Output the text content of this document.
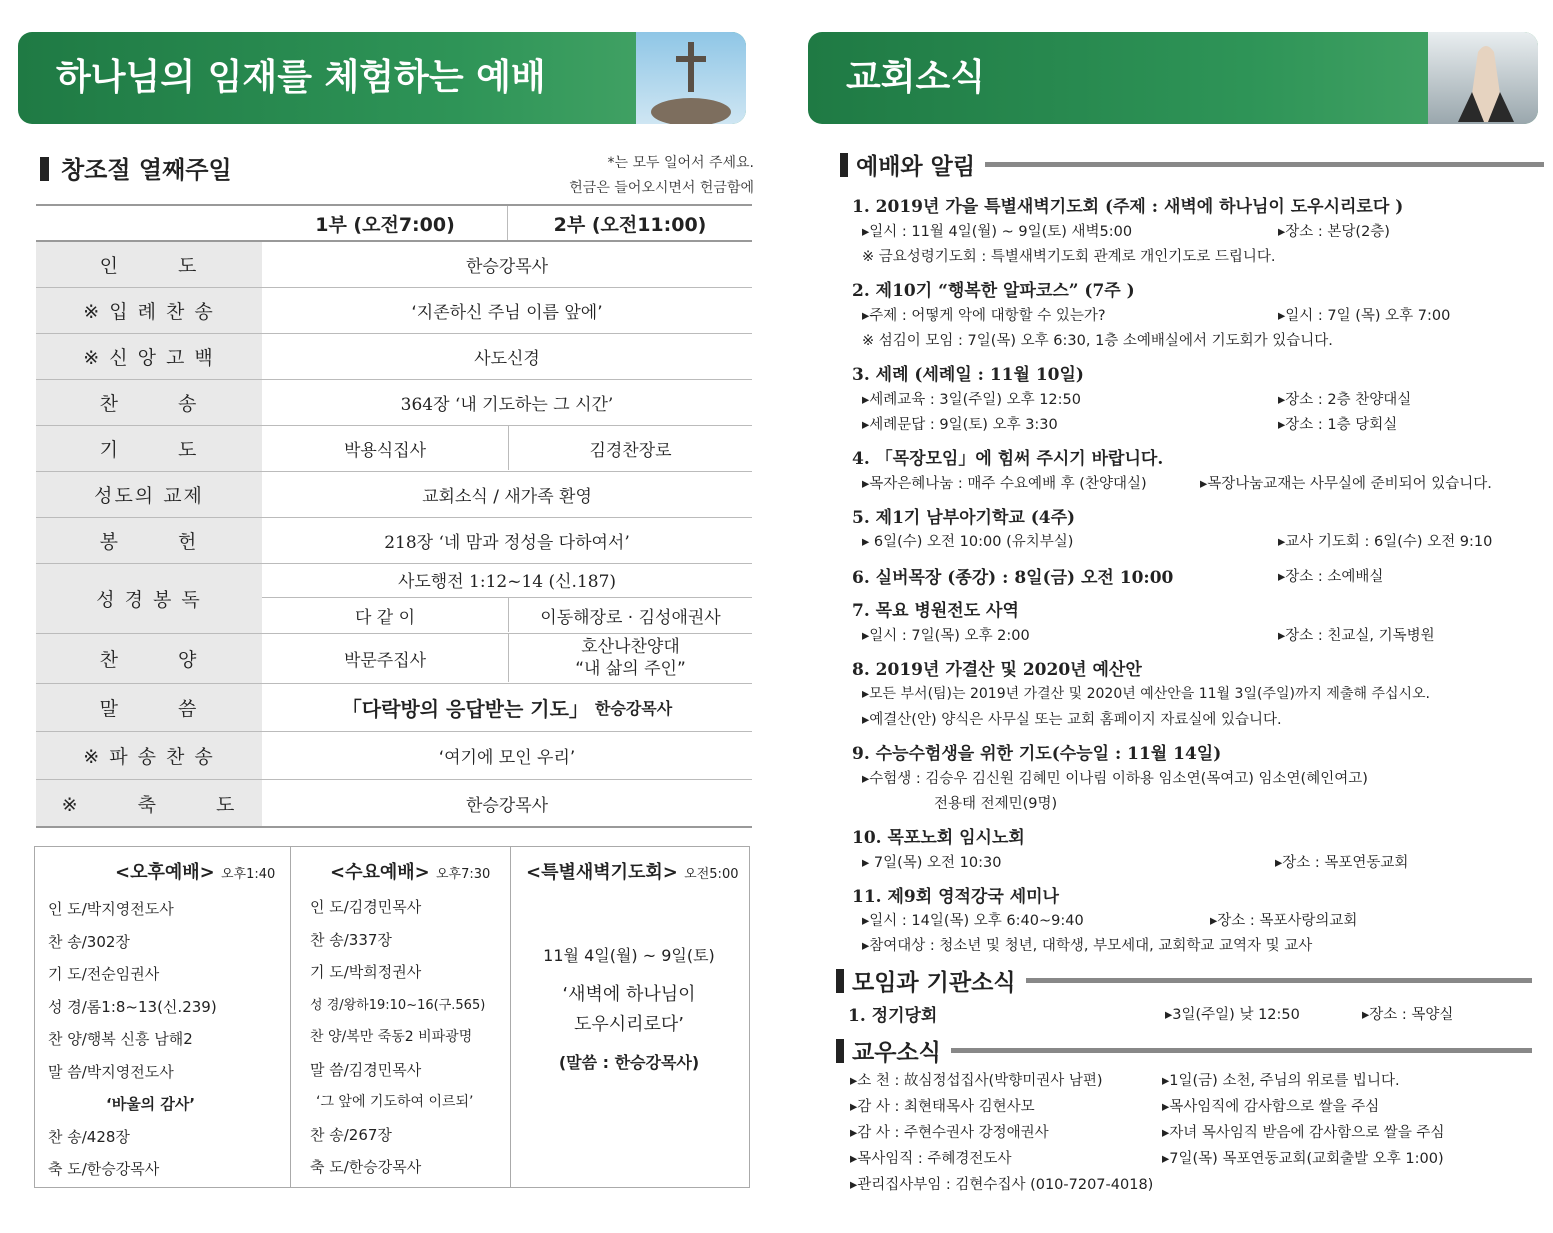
하나님의 임재를 체험하는 예배	교회소식
창조절 열째주일	*는 모두 일어서 주세요.
헌금은 들어오시면서 헌금함에
1부 (오전7:00)	2부 (오전11:00)
인 도	한승강목사
※ 입 례 찬 송	‘지존하신 주님 이름 앞에’
※ 신 앙 고 백	사도신경
찬 송	364장 ‘내 기도하는 그 시간’
기 도	박용식집사	김경찬장로
성도의 교제	교회소식 / 새가족 환영
봉 헌	218장 ‘네 맘과 정성을 다하여서’
성 경 봉 독
사도행전 1:12~14 (신.187)
다 같 이	이동해장로 · 김성애권사
찬 양	박문주집사
호산나찬양대
“내 삶의 주인”
말 씀	「다락방의 응답받는 기도」 한승강목사
※ 파 송 찬 송	‘여기에 모인 우리’
※ 축 도	한승강목사
<오후예배> 오후1:40
인 도/박지영전도사
찬 송/302장
기 도/전순임권사
성 경/롬1:8~13(신.239)
찬 양/행복 신흥 남해2
말 씀/박지영전도사
‘바울의 감사’
찬 송/428장
축 도/한승강목사
<수요예배> 오후7:30
인 도/김경민목사
찬 송/337장
기 도/박희정권사
성 경/왕하19:10~16(구.565)
찬 양/복만 죽동2 비파광명
말 씀/김경민목사
‘그 앞에 기도하여 이르되’
찬 송/267장
축 도/한승강목사
<특별새벽기도회> 오전5:00
11월 4일(월) ~ 9일(토)
‘새벽에 하나님이
도우시리로다’
(말씀 : 한승강목사)
예배와 알림
1. 2019년 가을 특별새벽기도회 (주제 : 새벽에 하나님이 도우시리로다 )
▸일시 : 11월 4일(월) ~ 9일(토) 새벽5:00	▸장소 : 본당(2층)
※ 금요성령기도회 : 특별새벽기도회 관계로 개인기도로 드립니다.
2. 제10기 “행복한 알파코스” (7주 )
▸주제 : 어떻게 악에 대항할 수 있는가?	▸일시 : 7일 (목) 오후 7:00
※ 섬김이 모임 : 7일(목) 오후 6:30, 1층 소예배실에서 기도회가 있습니다.
3. 세례 (세례일 : 11월 10일)
▸세례교육 : 3일(주일) 오후 12:50	▸장소 : 2층 찬양대실
▸세례문답 : 9일(토) 오후 3:30	▸장소 : 1층 당회실
4. 「목장모임」에 힘써 주시기 바랍니다.
▸목자은혜나눔 : 매주 수요예배 후 (찬양대실)	▸목장나눔교재는 사무실에 준비되어 있습니다.
5. 제1기 남부아기학교 (4주)
▸ 6일(수) 오전 10:00 (유치부실)	▸교사 기도회 : 6일(수) 오전 9:10
6. 실버목장 (종강) : 8일(금) 오전 10:00	▸장소 : 소예배실
7. 목요 병원전도 사역
▸일시 : 7일(목) 오후 2:00	▸장소 : 친교실, 기독병원
8. 2019년 가결산 및 2020년 예산안
▸모든 부서(팀)는 2019년 가결산 및 2020년 예산안을 11월 3일(주일)까지 제출해 주십시오.
▸예결산(안) 양식은 사무실 또는 교회 홈페이지 자료실에 있습니다.
9. 수능수험생을 위한 기도(수능일 : 11월 14일)
▸수험생 : 김승우 김신원 김혜민 이나림 이하용 임소연(목여고) 임소연(혜인여고)
전용태 전제민(9명)
10. 목포노회 임시노회
▸ 7일(목) 오전 10:30	▸장소 : 목포연동교회
11. 제9회 영적강국 세미나
▸일시 : 14일(목) 오후 6:40~9:40	▸장소 : 목포사랑의교회
▸참여대상 : 청소년 및 청년, 대학생, 부모세대, 교회학교 교역자 및 교사
모임과 기관소식
1. 정기당회	▸3일(주일) 낮 12:50	▸장소 : 목양실
교우소식
▸소 천 : 故심정섭집사(박향미권사 남편)	▸1일(금) 소천, 주님의 위로를 빕니다.
▸감 사 : 최현태목사 김현사모	▸목사임직에 감사함으로 쌀을 주심
▸감 사 : 주현수권사 강정애권사	▸자녀 목사임직 받음에 감사함으로 쌀을 주심
▸목사임직 : 주혜경전도사	▸7일(목) 목포연동교회(교회출발 오후 1:00)
▸관리집사부임 : 김현수집사 (010-7207-4018)
